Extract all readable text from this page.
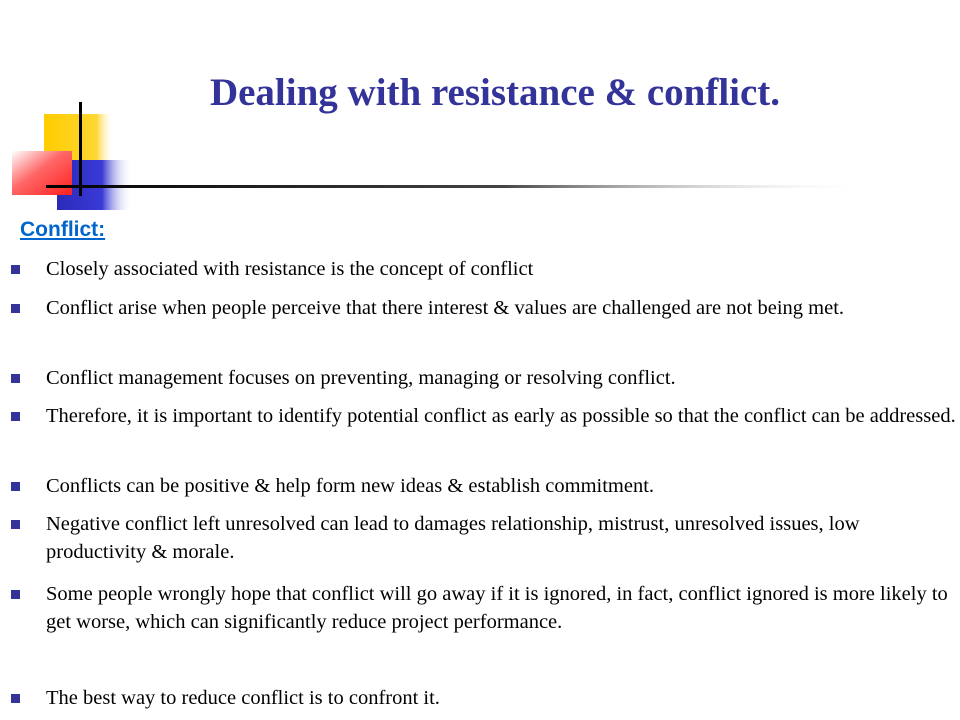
Dealing with resistance & conflict.
Conflict:
Closely associated with resistance is the concept of conflict
Conflict arise when people perceive that there interest & values are challenged are not being met.
Conflict management focuses on preventing, managing or resolving conflict.
Therefore, it is important to identify potential conflict as early as possible so that the conflict can be addressed.
Conflicts can be positive & help form new ideas & establish commitment.
Negative conflict left unresolved can lead to damages relationship, mistrust, unresolved issues, low productivity & morale.
Some people wrongly hope that conflict will go away if it is ignored, in fact, conflict ignored is more likely to get worse, which can significantly reduce project performance.
The best way to reduce conflict is to confront it.
